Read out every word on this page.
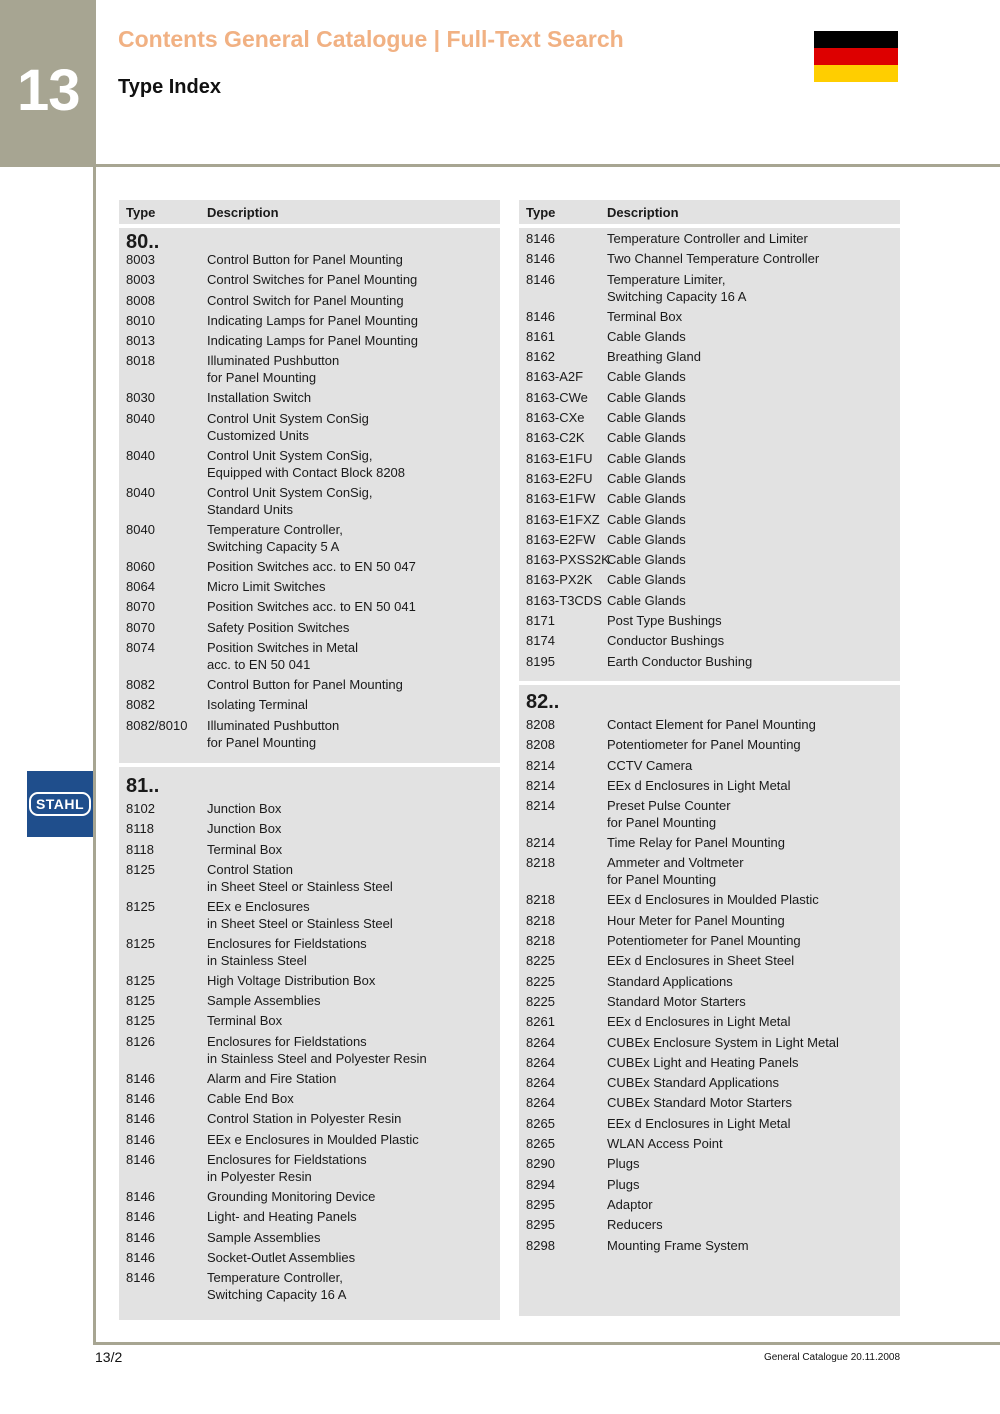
13
Contents General Catalogue | Full-Text Search
Type Index
STAHL
Type	Description
80..
8003	Control Button for Panel Mounting
8003	Control Switches for Panel Mounting
8008	Control Switch for Panel Mounting
8010	Indicating Lamps for Panel Mounting
8013	Indicating Lamps for Panel Mounting
8018	Illuminated Pushbutton
for Panel Mounting
8030	Installation Switch
8040	Control Unit System ConSig
Customized Units
8040	Control Unit System ConSig,
Equipped with Contact Block 8208
8040	Control Unit System ConSig,
Standard Units
8040	Temperature Controller,
Switching Capacity 5 A
8060	Position Switches acc. to EN 50 047
8064	Micro Limit Switches
8070	Position Switches acc. to EN 50 041
8070	Safety Position Switches
8074	Position Switches in Metal
acc. to EN 50 041
8082	Control Button for Panel Mounting
8082	Isolating Terminal
8082/8010	Illuminated Pushbutton
for Panel Mounting
81..
8102	Junction Box
8118	Junction Box
8118	Terminal Box
8125	Control Station
in Sheet Steel or Stainless Steel
8125	EEx e Enclosures
in Sheet Steel or Stainless Steel
8125	Enclosures for Fieldstations
in Stainless Steel
8125	High Voltage Distribution Box
8125	Sample Assemblies
8125	Terminal Box
8126	Enclosures for Fieldstations
in Stainless Steel and Polyester Resin
8146	Alarm and Fire Station
8146	Cable End Box
8146	Control Station in Polyester Resin
8146	EEx e Enclosures in Moulded Plastic
8146	Enclosures for Fieldstations
in Polyester Resin
8146	Grounding Monitoring Device
8146	Light- and Heating Panels
8146	Sample Assemblies
8146	Socket-Outlet Assemblies
8146	Temperature Controller,
Switching Capacity 16 A
Type	Description
8146	Temperature Controller and Limiter
8146	Two Channel Temperature Controller
8146	Temperature Limiter,
Switching Capacity 16 A
8146	Terminal Box
8161	Cable Glands
8162	Breathing Gland
8163-A2F	Cable Glands
8163-CWe	Cable Glands
8163-CXe	Cable Glands
8163-C2K	Cable Glands
8163-E1FU	Cable Glands
8163-E2FU	Cable Glands
8163-E1FW Cable Glands
8163-E1FXZ Cable Glands
8163-E2FW Cable Glands
8163-PXSS2K
Cable Glands
8163-PX2K	Cable Glands
8163-T3CDS Cable Glands
8171	Post Type Bushings
8174	Conductor Bushings
8195	Earth Conductor Bushing
82..
8208	Contact Element for Panel Mounting
8208	Potentiometer for Panel Mounting
8214	CCTV Camera
8214	EEx d Enclosures in Light Metal
8214	Preset Pulse Counter
for Panel Mounting
8214	Time Relay for Panel Mounting
8218	Ammeter and Voltmeter
for Panel Mounting
8218	EEx d Enclosures in Moulded Plastic
8218	Hour Meter for Panel Mounting
8218	Potentiometer for Panel Mounting
8225	EEx d Enclosures in Sheet Steel
8225	Standard Applications
8225	Standard Motor Starters
8261	EEx d Enclosures in Light Metal
8264	CUBEx Enclosure System in Light Metal
8264	CUBEx Light and Heating Panels
8264	CUBEx Standard Applications
8264	CUBEx Standard Motor Starters
8265	EEx d Enclosures in Light Metal
8265	WLAN Access Point
8290	Plugs
8294	Plugs
8295	Adaptor
8295	Reducers
8298	Mounting Frame System
13/2	General Catalogue 20.11.2008
